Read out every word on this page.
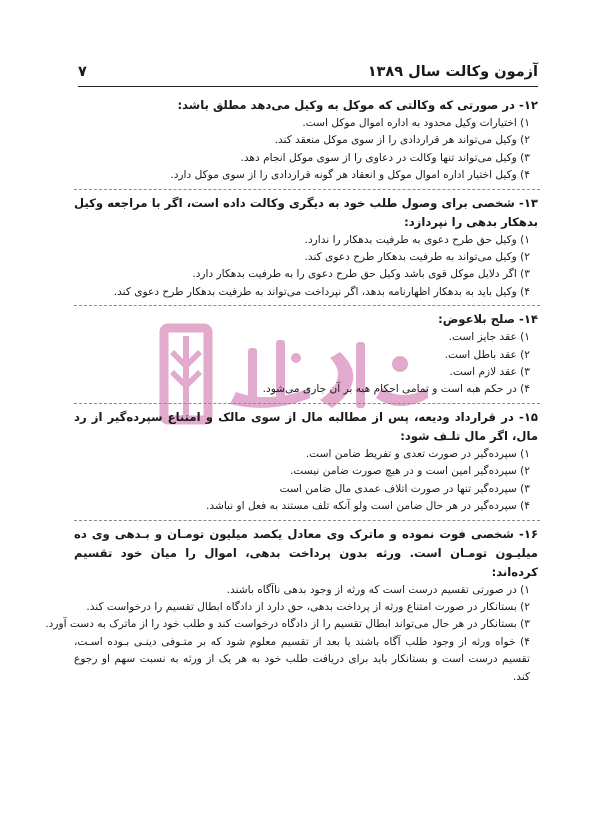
آزمون وکالت سال ۱۳۸۹
۷
۱۲- در صورتی که وکالتی که موکل به وکیل می‌دهد مطلق باشد:
۱) اختیارات وکیل محدود به اداره اموال موکل است.
۲) وکیل می‌تواند هر قراردادی را از سوی موکل منعقد کند.
۳) وکیل می‌تواند تنها وکالت در دعاوی را از سوی موکل انجام دهد.
۴) وکیل اختیار اداره اموال موکل و انعقاد هر گونه قراردادی را از سوی موکل دارد.
۱۳- شخصی برای وصول طلب خود به دیگری وکالت داده است، اگر با مراجعه وکیل بدهکار بدهی را نپردازد:
۱) وکیل حق طرح دعوی به طرفیت بدهکار را ندارد.
۲) وکیل می‌تواند به طرفیت بدهکار طرح دعوی کند.
۳) اگر دلایل موکل قوی باشد وکیل حق طرح دعوی را به طرفیت بدهکار دارد.
۴) وکیل باید به بدهکار اظهارنامه بدهد، اگر نپرداخت می‌تواند به طرفیت بدهکار طرح دعوی کند.
۱۴- صلح بلاعوض:
۱) عقد جایز است.
۲) عقد باطل است.
۳) عقد لازم است.
۴) در حکم هبه است و تمامی احکام هبه بر آن جاری می‌شود.
۱۵- در قرارداد ودیعه، پس از مطالبه مال از سوی مالک و امتناع سپرده‌گیر از رد مال، اگر مال تلـف شود:
۱) سپرده‌گیر در صورت تعدی و تفریط ضامن است.
۲) سپرده‌گیر امین است و در هیچ صورت ضامن نیست.
۳) سپرده‌گیر تنها در صورت اتلاف عمدی مال ضامن است
۴) سپرده‌گیر در هر حال ضامن است ولو آنکه تلف مستند به فعل او نباشد.
۱۶- شخصی فوت نموده و ماترک وی معادل یکصد میلیون تومـان و بـدهی وی ده میلیـون تومـان است. ورثه بدون پرداخت بدهی، اموال را میان خود تقسیم کرده‌اند:
۱) در صورتی تقسیم درست است که ورثه از وجود بدهی ناآگاه باشند.
۲) بستانکار در صورت امتناع ورثه از پرداخت بدهی، حق دارد از دادگاه ابطال تقسیم را درخواست کند.
۳) بستانکار در هر حال می‌تواند ابطال تقسیم را از دادگاه درخواست کند و طلب خود را از ماترک به دست آورد.
۴) خواه ورثه از وجود طلب آگاه باشند یا بعد از تقسیم معلوم شود که بر متـوفی دینـی بـوده اسـت، تقسیم درست است و بستانکار باید برای دریافت طلب خود به هر یک از ورثه به نسبت سهم او رجوع کند.
